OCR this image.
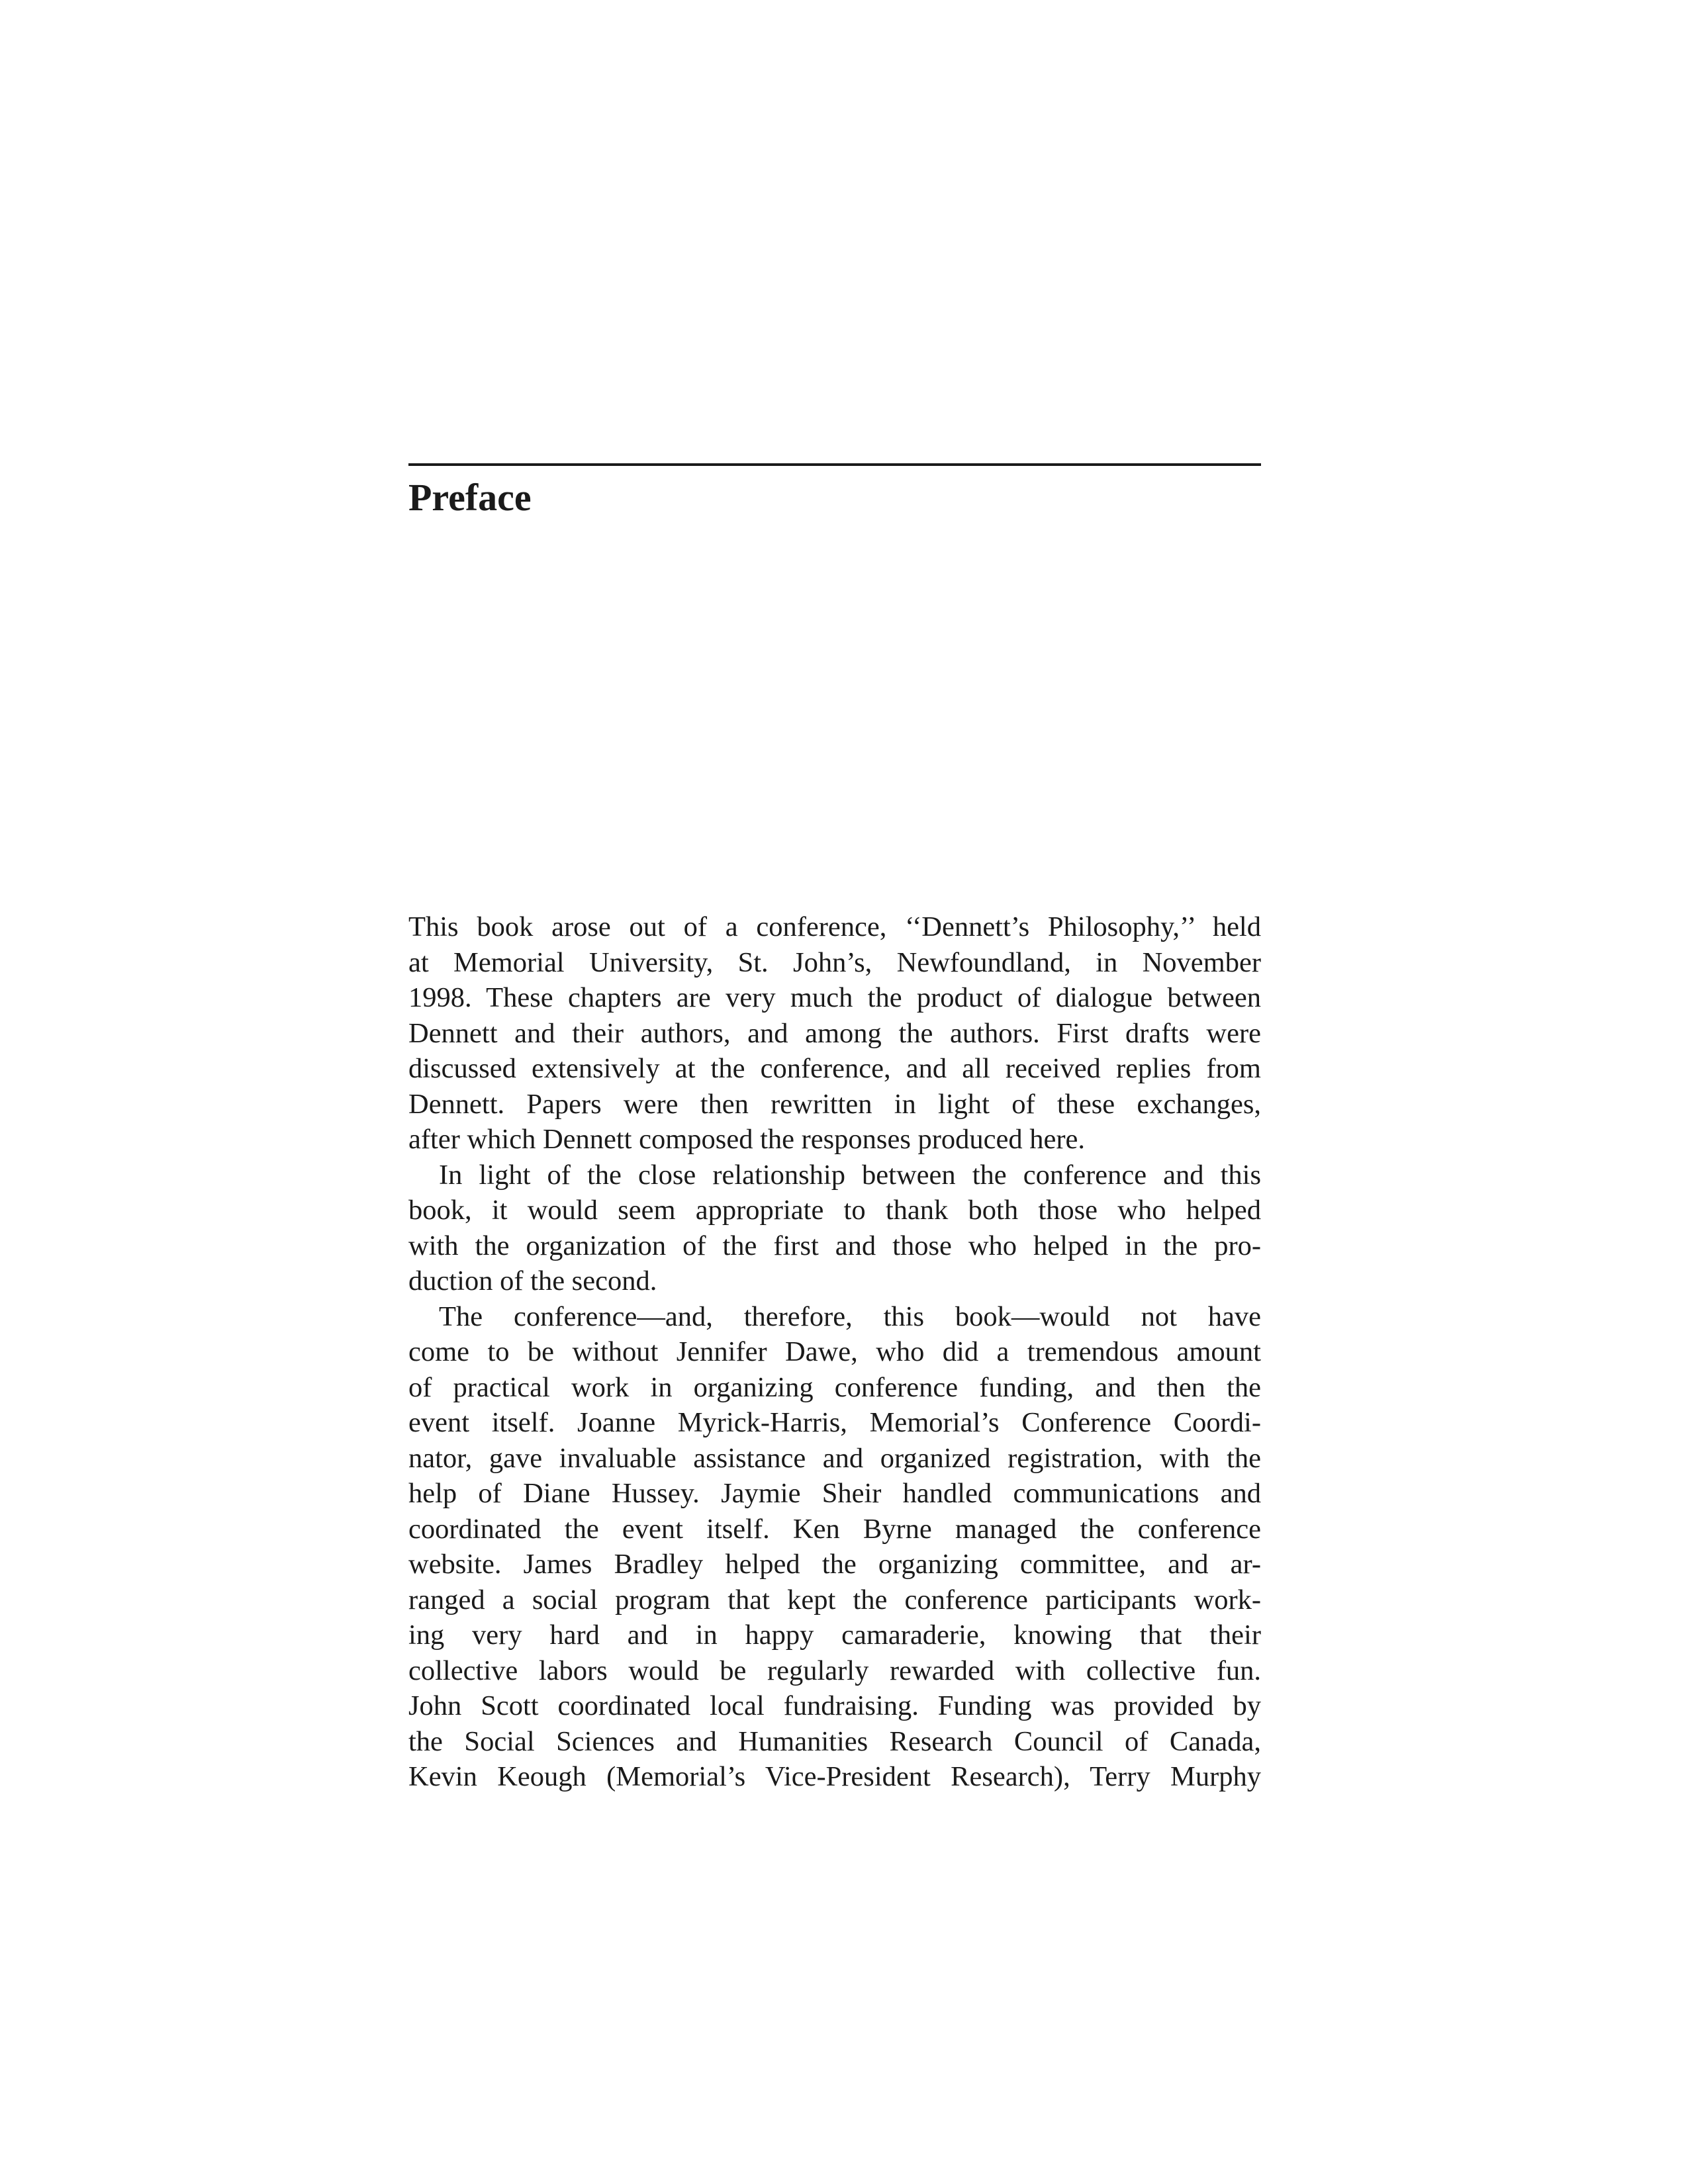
Preface
This book arose out of a conference, ‘‘Dennett’s Philosophy,’’ held
at Memorial University, St. John’s, Newfoundland, in November
1998. These chapters are very much the product of dialogue between
Dennett and their authors, and among the authors. First drafts were
discussed extensively at the conference, and all received replies from
Dennett. Papers were then rewritten in light of these exchanges,
after which Dennett composed the responses produced here.
In light of the close relationship between the conference and this
book, it would seem appropriate to thank both those who helped
with the organization of the first and those who helped in the pro-
duction of the second.
The conference—and, therefore, this book—would not have
come to be without Jennifer Dawe, who did a tremendous amount
of practical work in organizing conference funding, and then the
event itself. Joanne Myrick-Harris, Memorial’s Conference Coordi-
nator, gave invaluable assistance and organized registration, with the
help of Diane Hussey. Jaymie Sheir handled communications and
coordinated the event itself. Ken Byrne managed the conference
website. James Bradley helped the organizing committee, and ar-
ranged a social program that kept the conference participants work-
ing very hard and in happy camaraderie, knowing that their
collective labors would be regularly rewarded with collective fun.
John Scott coordinated local fundraising. Funding was provided by
the Social Sciences and Humanities Research Council of Canada,
Kevin Keough (Memorial’s Vice-President Research), Terry Murphy
